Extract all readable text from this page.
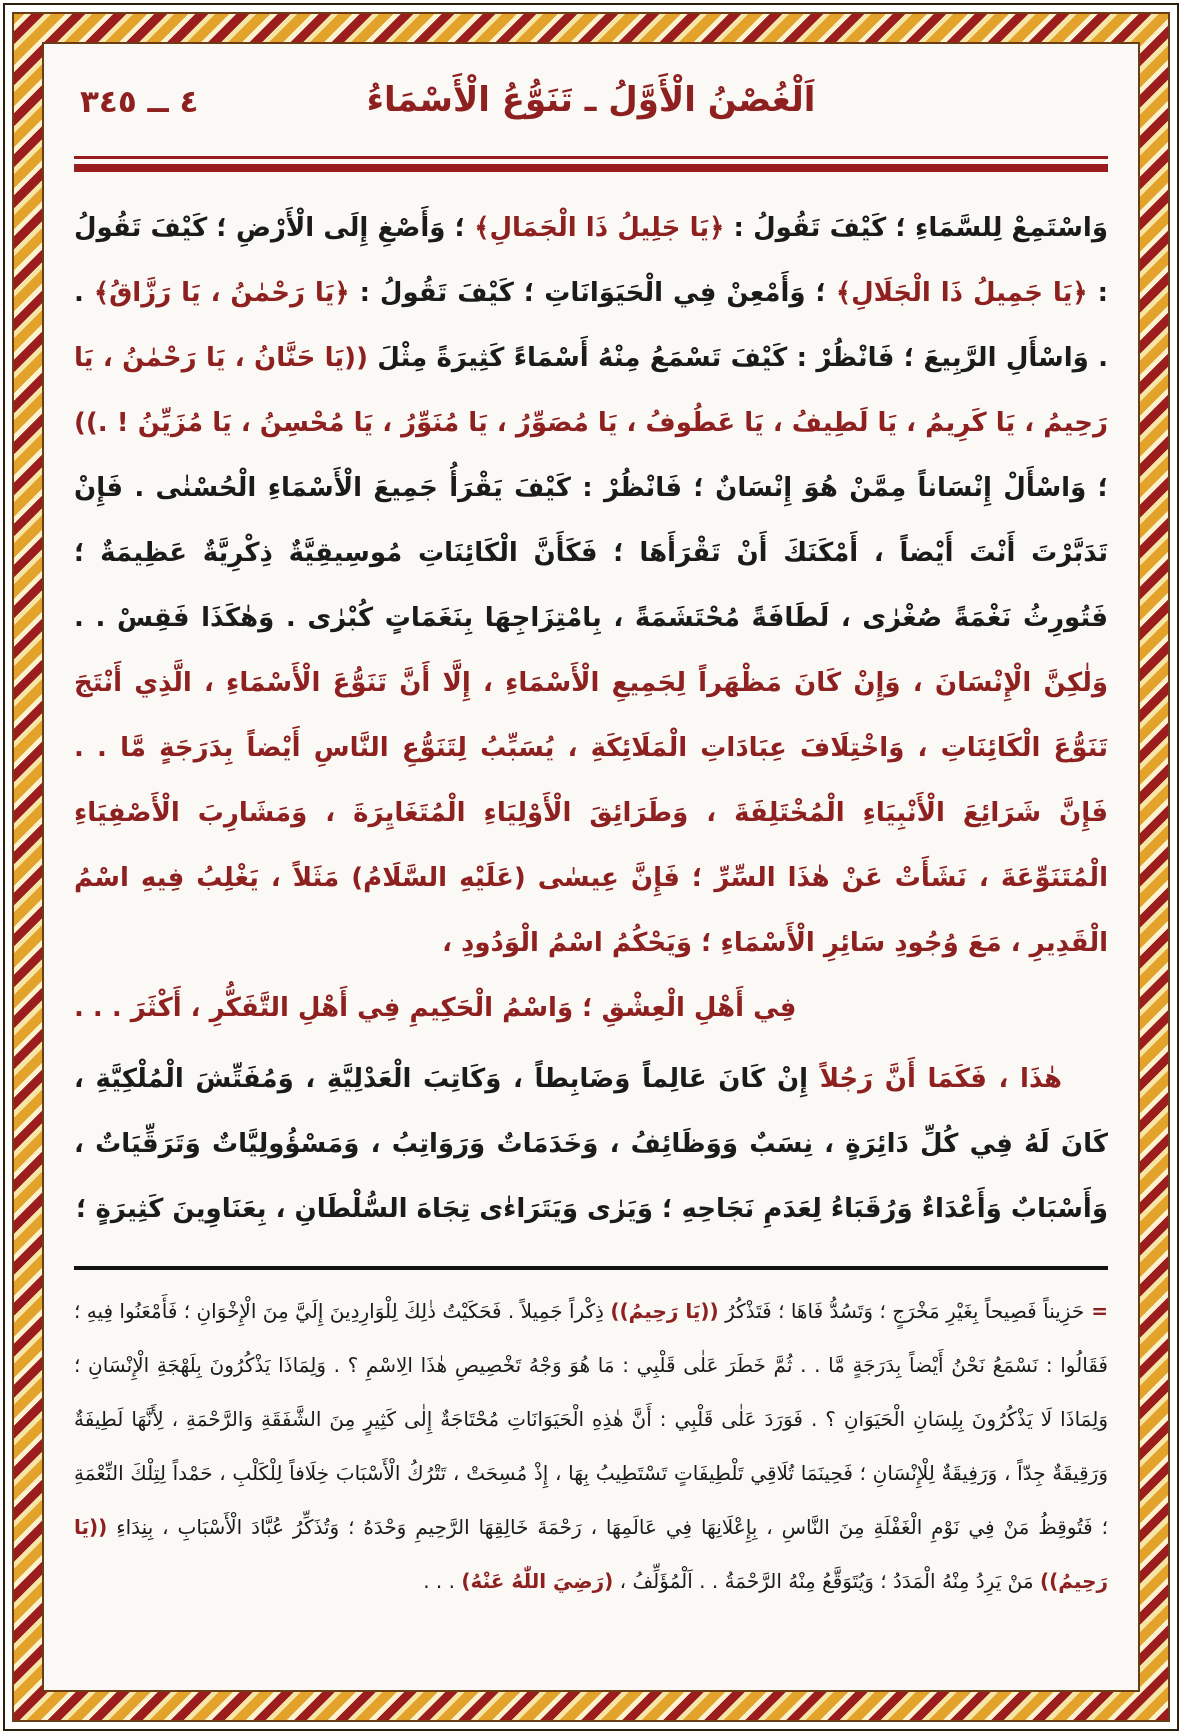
٤ ــ ٣٤٥	اَلْغُصْنُ الْأَوَّلُ ـ تَنَوُّعُ الْأَسْمَاءُ

وَاسْتَمِعْ لِلسَّمَاءِ ؛ كَيْفَ تَقُولُ : ﴿يَا جَلِيلُ ذَا الْجَمَالِ﴾ ؛ وَأَصْغِ إِلَى الْأَرْضِ ؛ كَيْفَ تَقُولُ : ﴿يَا جَمِيلُ ذَا الْجَلَالِ﴾ ؛ وَأَمْعِنْ فِي الْحَيَوَانَاتِ ؛ كَيْفَ تَقُولُ : ﴿يَا رَحْمٰنُ ، يَا رَزَّاقُ﴾ . . وَاسْأَلِ الرَّبِيعَ ؛ فَانْظُرْ : كَيْفَ تَسْمَعُ مِنْهُ أَسْمَاءً كَثِيرَةً مِثْلَ ((يَا حَنَّانُ ، يَا رَحْمٰنُ ، يَا رَحِيمُ ، يَا كَرِيمُ ، يَا لَطِيفُ ، يَا عَطُوفُ ، يَا مُصَوِّرُ ، يَا مُنَوِّرُ ، يَا مُحْسِنُ ، يَا مُزَيِّنُ ! .)) ؛ وَاسْأَلْ إِنْسَاناً مِمَّنْ هُوَ إِنْسَانٌ ؛ فَانْظُرْ : كَيْفَ يَقْرَأُ جَمِيعَ الْأَسْمَاءِ الْحُسْنٰى . فَإِنْ تَدَبَّرْتَ أَنْتَ أَيْضاً ، أَمْكَنَكَ أَنْ تَقْرَأَهَا ؛ فَكَأَنَّ الْكَائِنَاتِ مُوسِيقِيَّةٌ ذِكْرِيَّةٌ عَظِيمَةٌ ؛ فَتُورِثُ نَغْمَةً صُغْرٰى ، لَطَافَةً مُحْتَشَمَةً ، بِامْتِزَاجِهَا بِنَغَمَاتٍ كُبْرٰى . وَهٰكَذَا فَقِسْ . . وَلٰكِنَّ الْإِنْسَانَ ، وَإِنْ كَانَ مَظْهَراً لِجَمِيعِ الْأَسْمَاءِ ، إِلَّا أَنَّ تَنَوُّعَ الْأَسْمَاءِ ، الَّذِي أَنْتَجَ تَنَوُّعَ الْكَائِنَاتِ ، وَاخْتِلَافَ عِبَادَاتِ الْمَلَائِكَةِ ، يُسَبِّبُ لِتَنَوُّعِ النَّاسِ أَيْضاً بِدَرَجَةٍ مَّا . . فَإِنَّ شَرَائِعَ الْأَنْبِيَاءِ الْمُخْتَلِفَةَ ، وَطَرَائِقَ الْأَوْلِيَاءِ الْمُتَغَايِرَةَ ، وَمَشَارِبَ الْأَصْفِيَاءِ الْمُتَنَوِّعَةَ ، نَشَأَتْ عَنْ هٰذَا السِّرِّ ؛ فَإِنَّ عِيسٰى (عَلَيْهِ السَّلَامُ) مَثَلاً ، يَغْلِبُ فِيهِ اسْمُ الْقَدِيرِ ، مَعَ وُجُودِ سَائِرِ الْأَسْمَاءِ ؛ وَيَحْكُمُ اسْمُ الْوَدُودِ ،

فِي أَهْلِ الْعِشْقِ ؛ وَاسْمُ الْحَكِيمِ فِي أَهْلِ التَّفَكُّرِ ، أَكْثَرَ . . .

هٰذَا ، فَكَمَا أَنَّ رَجُلاً إِنْ كَانَ عَالِماً وَضَابِطاً ، وَكَاتِبَ الْعَدْلِيَّةِ ، وَمُفَتِّشَ الْمُلْكِيَّةِ ، كَانَ لَهُ فِي كُلِّ دَائِرَةٍ ، نِسَبٌ وَوَظَائِفُ ، وَخَدَمَاتٌ وَرَوَاتِبُ ، وَمَسْؤُولِيَّاتٌ وَتَرَقِّيَاتٌ ، وَأَسْبَابٌ وَأَعْدَاءٌ وَرُقَبَاءُ لِعَدَمِ نَجَاحِهِ ؛ وَيَرٰى وَيَتَرَاءٰى تِجَاهَ السُّلْطَانِ ، بِعَنَاوِينَ كَثِيرَةٍ ؛

= حَزِيناً فَصِيحاً بِغَيْرِ مَخْرَجٍ ؛ وَتَسُدُّ فَاهَا ؛ فَتَذْكُرُ ((يَا رَحِيمُ)) ذِكْراً جَمِيلاً . فَحَكَيْتُ ذٰلِكَ لِلْوَارِدِينَ إِلَيَّ مِنَ الْإِخْوَانِ ؛ فَأَمْعَنُوا فِيهِ ؛ فَقَالُوا : نَسْمَعُ نَحْنُ أَيْضاً بِدَرَجَةٍ مَّا . . ثُمَّ خَطَرَ عَلٰى قَلْبِي : مَا هُوَ وَجْهُ تَخْصِيصِ هٰذَا الِاسْمِ ؟ . وَلِمَاذَا يَذْكُرُونَ بِلَهْجَةِ الْإِنْسَانِ ؛ وَلِمَاذَا لَا يَذْكُرُونَ بِلِسَانِ الْحَيَوَانِ ؟ . فَوَرَدَ عَلٰى قَلْبِي : أَنَّ هٰذِهِ الْحَيَوَانَاتِ مُحْتَاجَةٌ إِلٰى كَثِيرٍ مِنَ الشَّفَقَةِ وَالرَّحْمَةِ ، لِأَنَّهَا لَطِيفَةٌ وَرَقِيقَةٌ جِدّاً ، وَرَفِيقَةٌ لِلْإِنْسَانِ ؛ فَحِينَمَا تُلَاقِي تَلْطِيفَاتٍ تَسْتَطِيبُ بِهَا ، إِذْ مُسِحَتْ ، تَتْرُكُ الْأَسْبَابَ خِلَافاً لِلْكَلْبِ ، حَمْداً لِتِلْكَ النِّعْمَةِ ؛ فَتُوقِظُ مَنْ فِي نَوْمِ الْغَفْلَةِ مِنَ النَّاسِ ، بِإِعْلَانِهَا فِي عَالَمِهَا ، رَحْمَةَ خَالِقِهَا الرَّحِيمِ وَحْدَهُ ؛ وَتُذَكِّرُ عُبَّادَ الْأَسْبَابِ ، بِنِدَاءِ ((يَا رَحِيمُ)) مَنْ يَرِدُ مِنْهُ الْمَدَدُ ؛ وَيُتَوَقَّعُ مِنْهُ الرَّحْمَةُ . . اَلْمُؤَلِّفُ ، (رَضِيَ اللّٰهُ عَنْهُ) . . .
